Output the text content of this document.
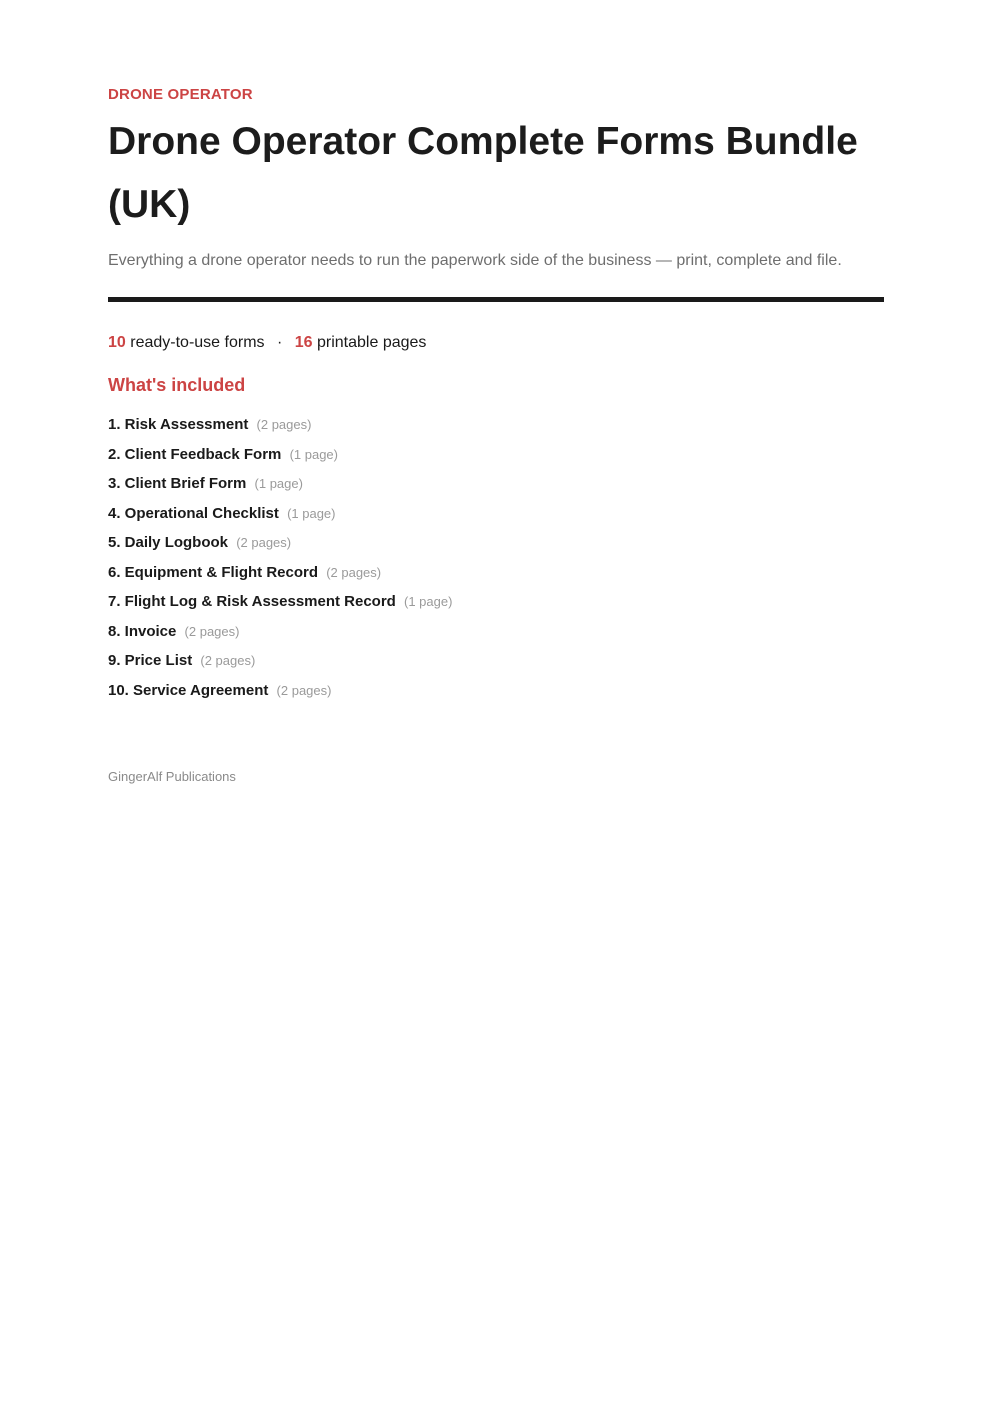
DRONE OPERATOR
Drone Operator Complete Forms Bundle (UK)

Everything a drone operator needs to run the paperwork side of the business — print, complete and file.

10 ready-to-use forms · 16 printable pages
What's included
1. Risk Assessment (2 pages)
2. Client Feedback Form (1 page)
3. Client Brief Form (1 page)
4. Operational Checklist (1 page)
5. Daily Logbook (2 pages)
6. Equipment & Flight Record (2 pages)
7. Flight Log & Risk Assessment Record (1 page)
8. Invoice (2 pages)
9. Price List (2 pages)
10. Service Agreement (2 pages)
GingerAlf Publications
